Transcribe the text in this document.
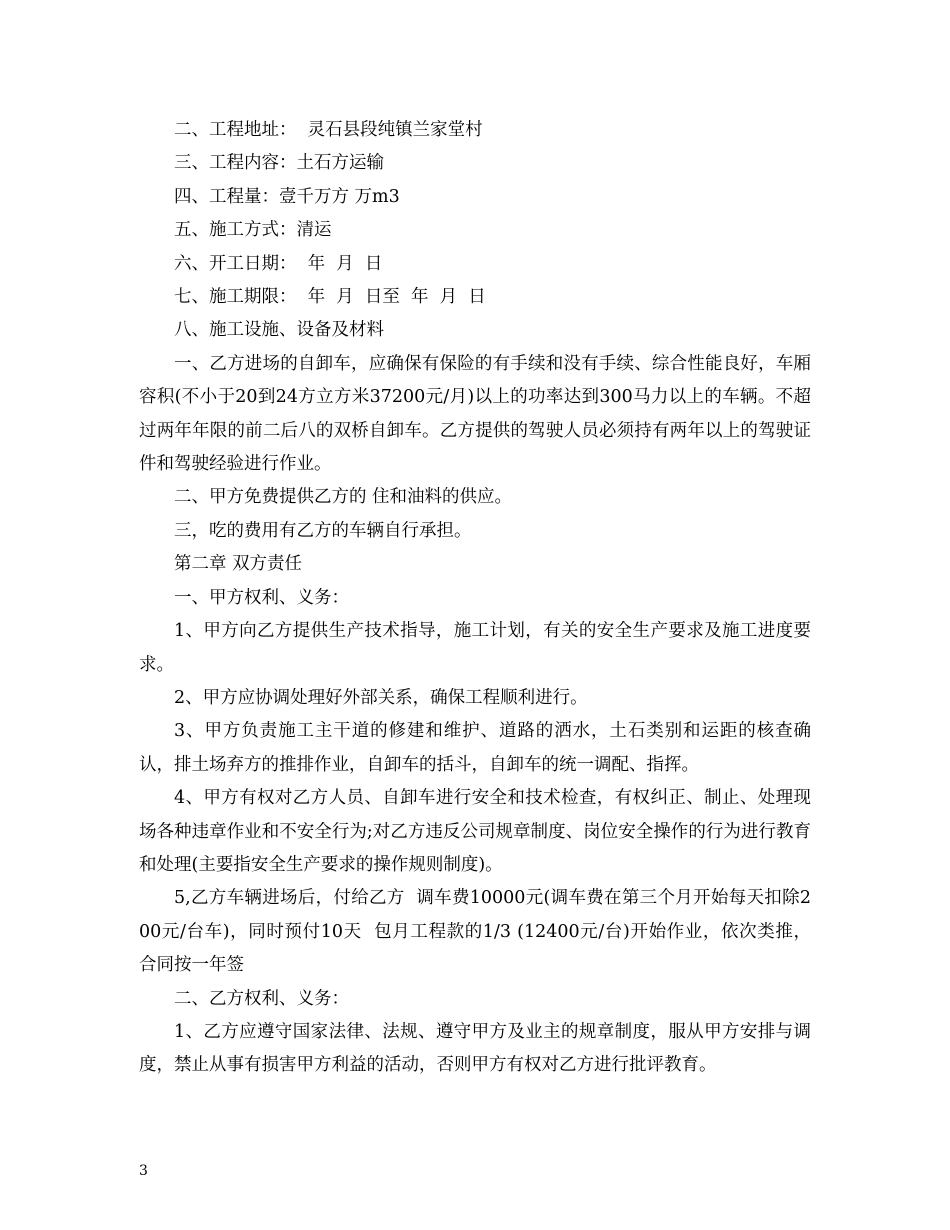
二、工程地址：  灵石县段纯镇兰家堂村

三、工程内容：土石方运输

四、工程量：壹千万方 万m3

五、施工方式：清运

六、开工日期：  年  月  日

七、施工期限：  年  月  日至  年  月  日

八、施工设施、设备及材料

一、乙方进场的自卸车，应确保有保险的有手续和没有手续、综合性能良好，车厢容积(不小于20到24方立方米37200元/月)以上的功率达到300马力以上的车辆。不超过两年年限的前二后八的双桥自卸车。乙方提供的驾驶人员必须持有两年以上的驾驶证件和驾驶经验进行作业。

二、甲方免费提供乙方的 住和油料的供应。

三，吃的费用有乙方的车辆自行承担。

第二章 双方责任

一、甲方权利、义务：

1、甲方向乙方提供生产技术指导，施工计划，有关的安全生产要求及施工进度要求。

2、甲方应协调处理好外部关系，确保工程顺利进行。

3、甲方负责施工主干道的修建和维护、道路的洒水，土石类别和运距的核查确认，排土场弃方的推排作业，自卸车的括斗，自卸车的统一调配、指挥。

4、甲方有权对乙方人员、自卸车进行安全和技术检查，有权纠正、制止、处理现场各种违章作业和不安全行为;对乙方违反公司规章制度、岗位安全操作的行为进行教育和处理(主要指安全生产要求的操作规则制度)。

5,乙方车辆进场后，付给乙方  调车费10000元(调车费在第三个月开始每天扣除200元/台车)，同时预付10天  包月工程款的1/3 (12400元/台)开始作业，依次类推，  合同按一年签

二、乙方权利、义务：

1、乙方应遵守国家法律、法规、遵守甲方及业主的规章制度，服从甲方安排与调度，禁止从事有损害甲方利益的活动，否则甲方有权对乙方进行批评教育。

3
